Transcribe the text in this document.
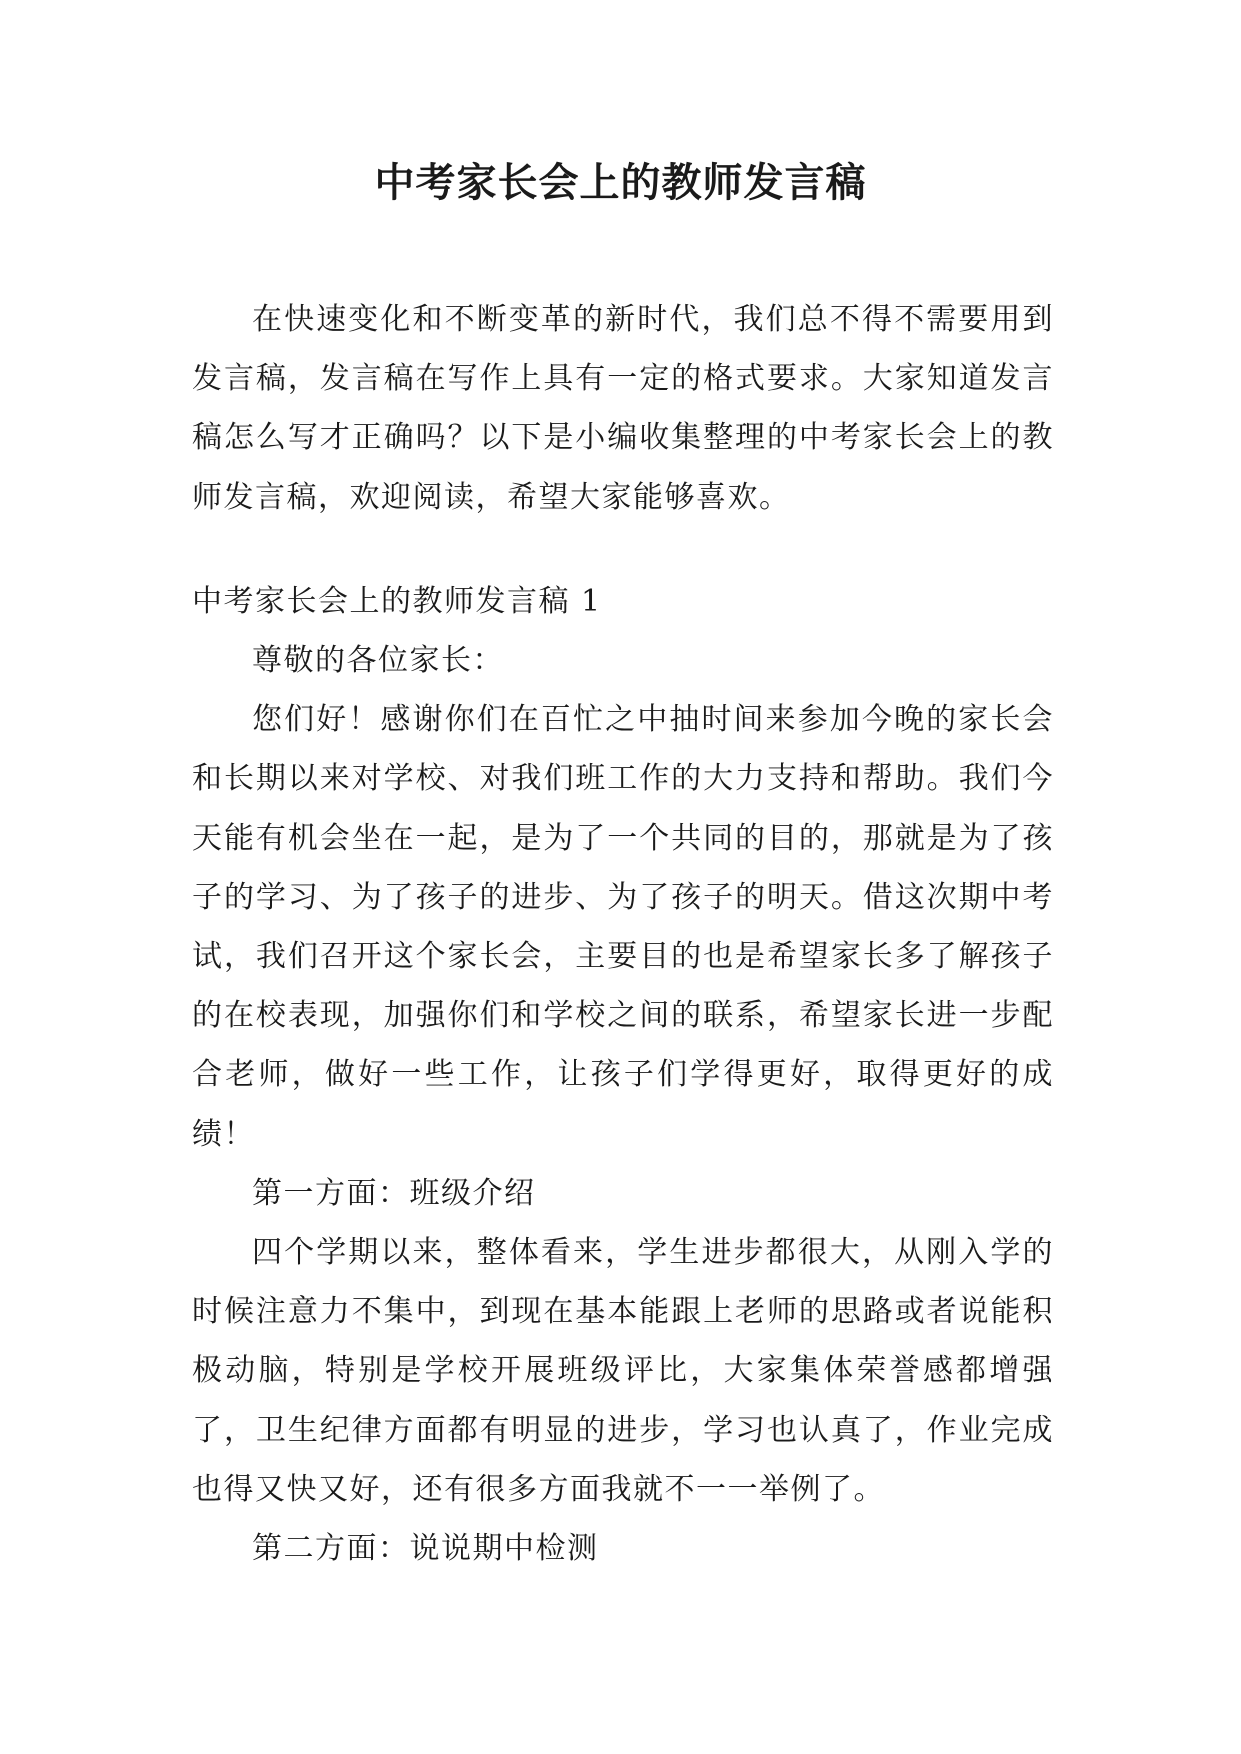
中考家长会上的教师发言稿

在快速变化和不断变革的新时代，我们总不得不需要用到发言稿，发言稿在写作上具有一定的格式要求。大家知道发言稿怎么写才正确吗？以下是小编收集整理的中考家长会上的教师发言稿，欢迎阅读，希望大家能够喜欢。

中考家长会上的教师发言稿 1

尊敬的各位家长：

您们好！感谢你们在百忙之中抽时间来参加今晚的家长会和长期以来对学校、对我们班工作的大力支持和帮助。我们今天能有机会坐在一起，是为了一个共同的目的，那就是为了孩子的学习、为了孩子的进步、为了孩子的明天。借这次期中考试，我们召开这个家长会，主要目的也是希望家长多了解孩子的在校表现，加强你们和学校之间的联系，希望家长进一步配合老师，做好一些工作，让孩子们学得更好，取得更好的成绩！

第一方面：班级介绍

四个学期以来，整体看来，学生进步都很大，从刚入学的时候注意力不集中，到现在基本能跟上老师的思路或者说能积极动脑，特别是学校开展班级评比，大家集体荣誉感都增强了，卫生纪律方面都有明显的进步，学习也认真了，作业完成也得又快又好，还有很多方面我就不一一举例了。

第二方面：说说期中检测
